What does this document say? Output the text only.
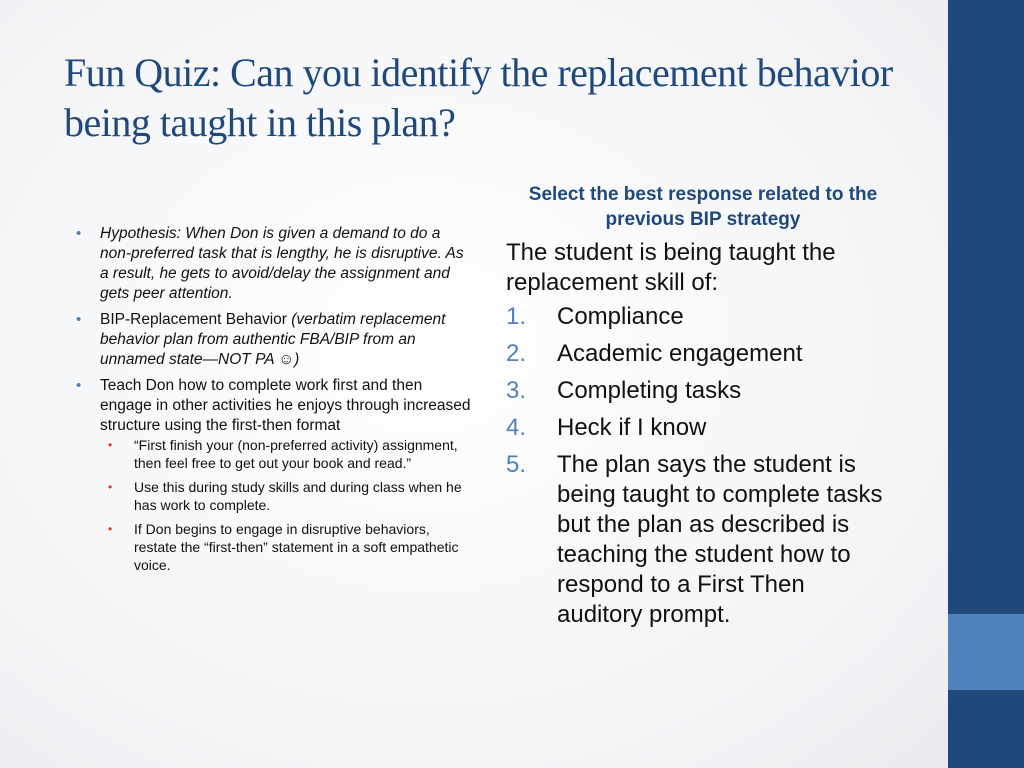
Fun Quiz: Can you identify the replacement behavior being taught in this plan?
• Hypothesis: When Don is given a demand to do a non-preferred task that is lengthy, he is disruptive. As a result, he gets to avoid/delay the assignment and gets peer attention.
• BIP-Replacement Behavior (verbatim replacement behavior plan from authentic FBA/BIP from an unnamed state—NOT PA ☺)
• Teach Don how to complete work first and then engage in other activities he enjoys through increased structure using the first-then format
• “First finish your (non-preferred activity) assignment, then feel free to get out your book and read.”
• Use this during study skills and during class when he has work to complete.
• If Don begins to engage in disruptive behaviors, restate the “first-then” statement in a soft empathetic voice.
Select the best response related to the previous BIP strategy
The student is being taught the replacement skill of:
1. Compliance
2. Academic engagement
3. Completing tasks
4. Heck if I know
5. The plan says the student is being taught to complete tasks but the plan as described is teaching the student how to respond to a First Then auditory prompt.
